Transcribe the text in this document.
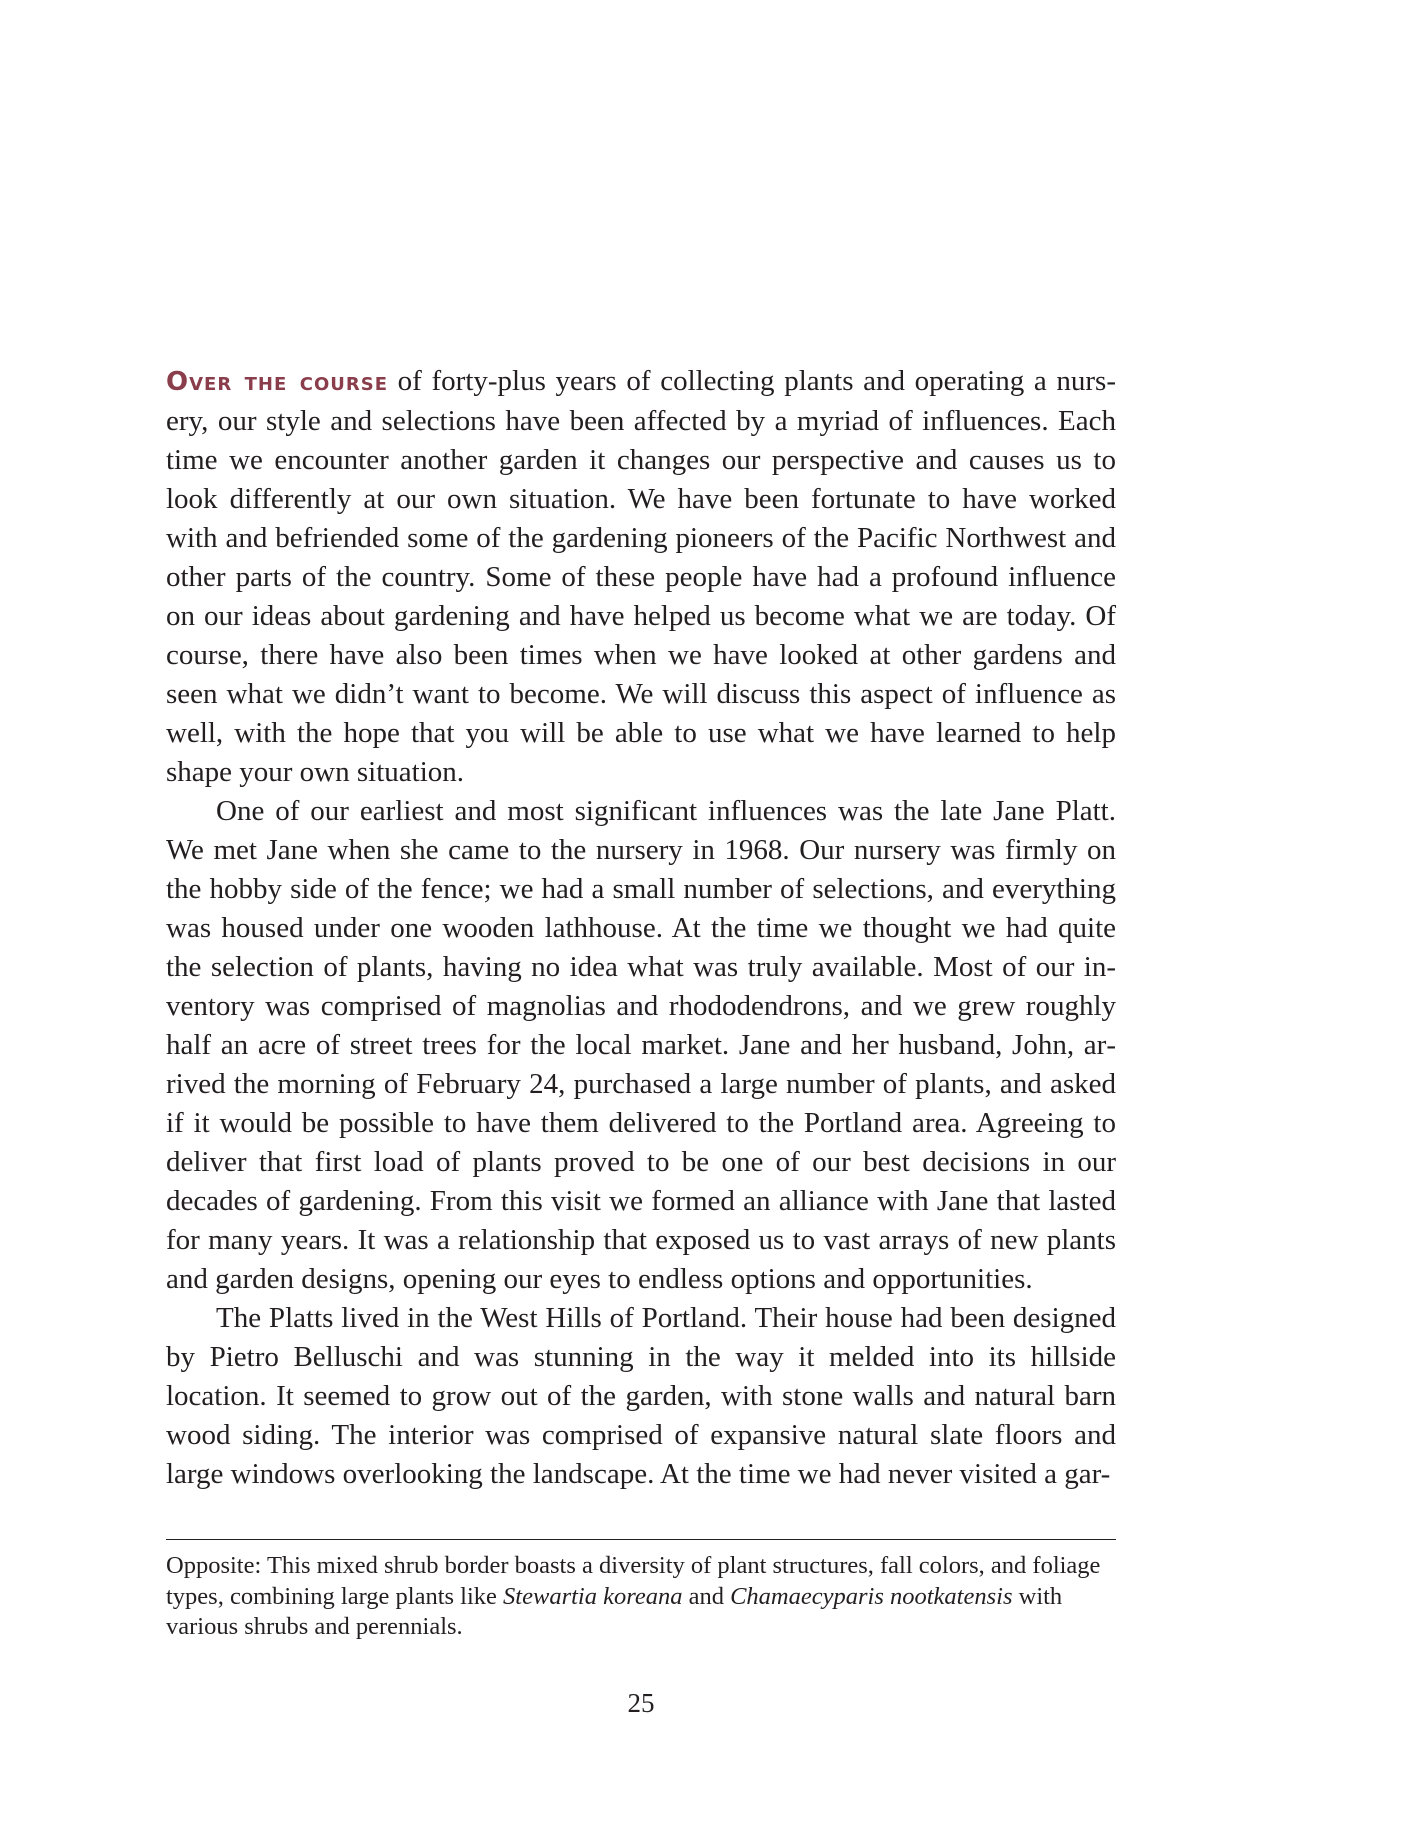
Over the course of forty-plus years of collecting plants and operating a nursery, our style and selections have been affected by a myriad of influences. Each time we encounter another garden it changes our perspective and causes us to look differently at our own situation. We have been fortunate to have worked with and befriended some of the gardening pioneers of the Pacific Northwest and other parts of the country. Some of these people have had a profound influence on our ideas about gardening and have helped us become what we are today. Of course, there have also been times when we have looked at other gardens and seen what we didn’t want to become. We will discuss this aspect of influence as well, with the hope that you will be able to use what we have learned to help shape your own situation.

One of our earliest and most significant influences was the late Jane Platt. We met Jane when she came to the nursery in 1968. Our nursery was firmly on the hobby side of the fence; we had a small number of selections, and everything was housed under one wooden lathhouse. At the time we thought we had quite the selection of plants, having no idea what was truly available. Most of our inventory was comprised of magnolias and rhododendrons, and we grew roughly half an acre of street trees for the local market. Jane and her husband, John, arrived the morning of February 24, purchased a large number of plants, and asked if it would be possible to have them delivered to the Portland area. Agreeing to deliver that first load of plants proved to be one of our best decisions in our decades of gardening. From this visit we formed an alliance with Jane that lasted for many years. It was a relationship that exposed us to vast arrays of new plants and garden designs, opening our eyes to endless options and opportunities.

The Platts lived in the West Hills of Portland. Their house had been designed by Pietro Belluschi and was stunning in the way it melded into its hillside location. It seemed to grow out of the garden, with stone walls and natural barn wood siding. The interior was comprised of expansive natural slate floors and large windows overlooking the landscape. At the time we had never visited a gar-

Opposite: This mixed shrub border boasts a diversity of plant structures, fall colors, and foliage types, combining large plants like Stewartia koreana and Chamaecyparis nootkatensis with various shrubs and perennials.
25
